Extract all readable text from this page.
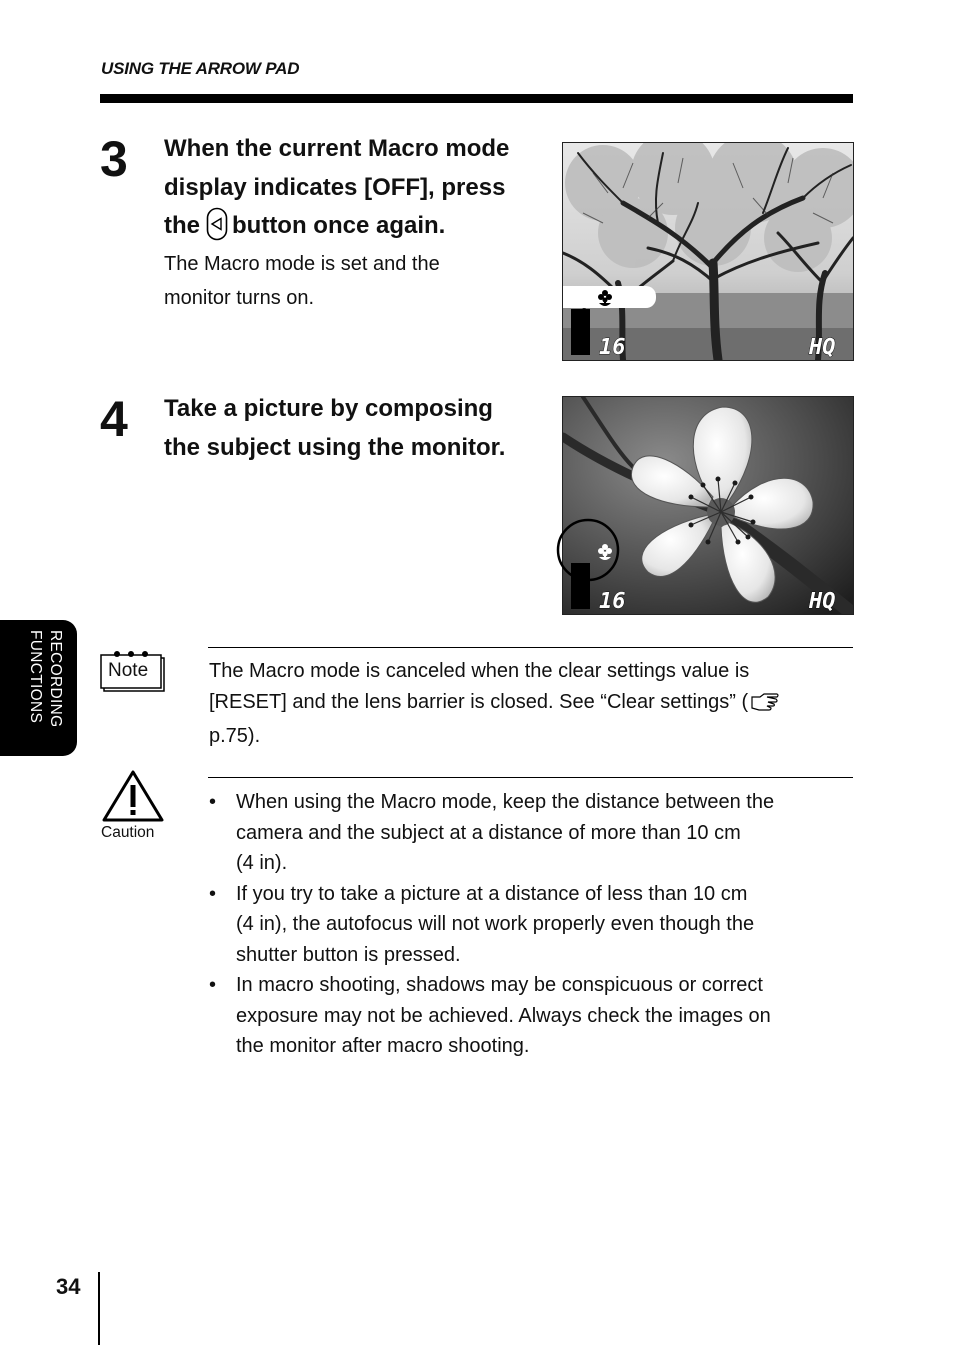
USING THE ARROW PAD
3 When the current Macro mode display indicates [OFF], press the button once again.
The Macro mode is set and the
monitor turns on.
16	HQ
4 Take a picture by composing
the subject using the monitor.
16	HQ
RECORDING
FUNCTIONS	Note	The Macro mode is canceled when the clear settings value is
[RESET] and the lens barrier is closed. See “Clear settings” (
p.75).
Caution
• When using the Macro mode, keep the distance between the
camera and the subject at a distance of more than 10 cm
(4 in).
• If you try to take a picture at a distance of less than 10 cm
(4 in), the autofocus will not work properly even though the
shutter button is pressed.
• In macro shooting, shadows may be conspicuous or correct
exposure may not be achieved. Always check the images on
the monitor after macro shooting.
34
